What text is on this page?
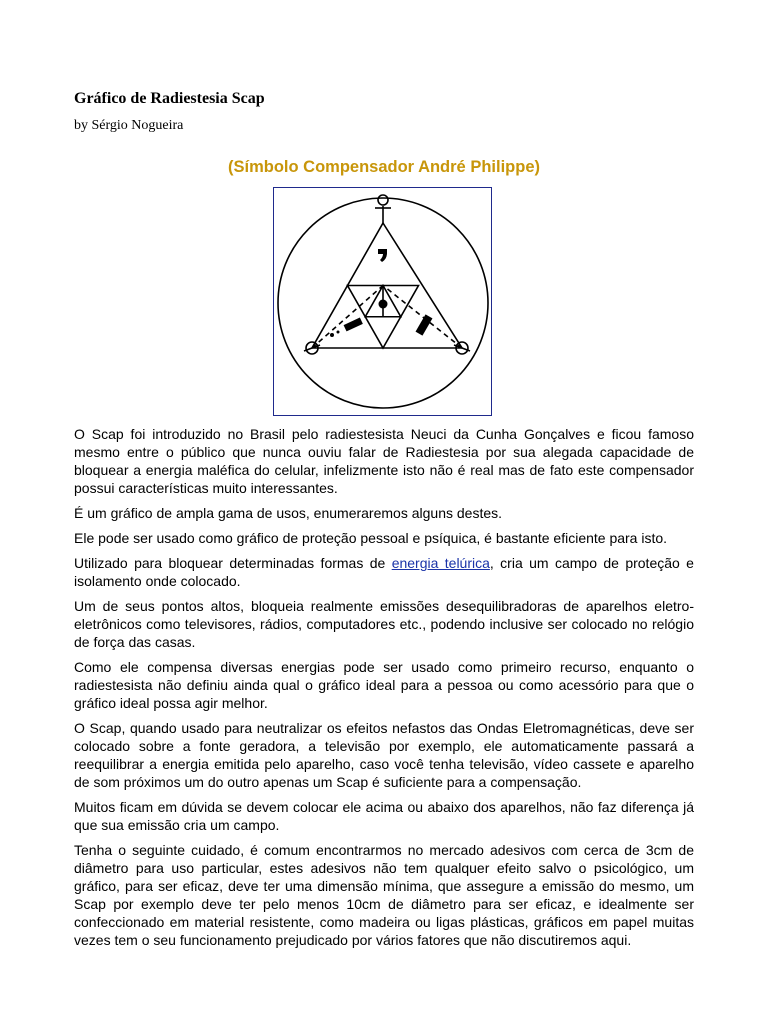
Gráfico de Radiestesia Scap

by Sérgio Nogueira

(Símbolo Compensador André Philippe)

O Scap foi introduzido no Brasil pelo radiestesista Neuci da Cunha Gonçalves e ficou famoso mesmo entre o público que nunca ouviu falar de Radiestesia por sua alegada capacidade de bloquear a energia maléfica do celular, infelizmente isto não é real mas de fato este compensador possui características muito interessantes.

É um gráfico de ampla gama de usos, enumeraremos alguns destes.

Ele pode ser usado como gráfico de proteção pessoal e psíquica, é bastante eficiente para isto.

Utilizado para bloquear determinadas formas de energia telúrica, cria um campo de proteção e isolamento onde colocado.

Um de seus pontos altos, bloqueia realmente emissões desequilibradoras de aparelhos eletro-eletrônicos como televisores, rádios, computadores etc., podendo inclusive ser colocado no relógio de força das casas.

Como ele compensa diversas energias pode ser usado como primeiro recurso, enquanto o radiestesista não definiu ainda qual o gráfico ideal para a pessoa ou como acessório para que o gráfico ideal possa agir melhor.

O Scap, quando usado para neutralizar os efeitos nefastos das Ondas Eletromagnéticas, deve ser colocado sobre a fonte geradora, a televisão por exemplo, ele automaticamente passará a reequilibrar a energia emitida pelo aparelho, caso você tenha televisão, vídeo cassete e aparelho de som próximos um do outro apenas um Scap é suficiente para a compensação.

Muitos ficam em dúvida se devem colocar ele acima ou abaixo dos aparelhos, não faz diferença já que sua emissão cria um campo.

Tenha o seguinte cuidado, é comum encontrarmos no mercado adesivos com cerca de 3cm de diâmetro para uso particular, estes adesivos não tem qualquer efeito salvo o psicológico, um gráfico, para ser eficaz, deve ter uma dimensão mínima, que assegure a emissão do mesmo, um Scap por exemplo deve ter pelo menos 10cm de diâmetro para ser eficaz, e idealmente ser confeccionado em material resistente, como madeira ou ligas plásticas, gráficos em papel muitas vezes tem o seu funcionamento prejudicado por vários fatores que não discutiremos aqui.
